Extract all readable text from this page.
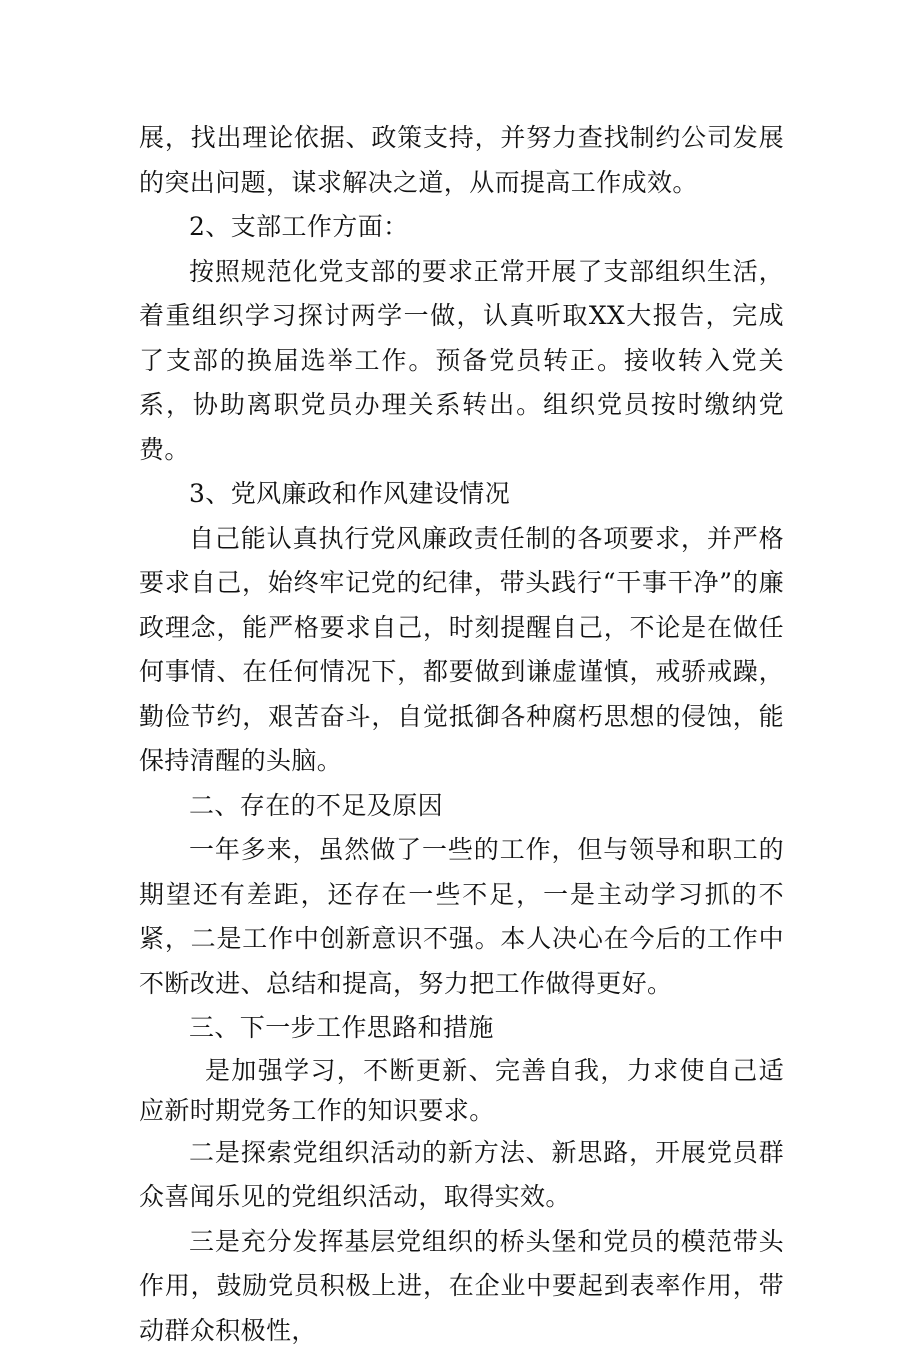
展，找出理论依据、政策支持，并努力查找制约公司发展的突出问题，谋求解决之道，从而提高工作成效。

2、支部工作方面：

按照规范化党支部的要求正常开展了支部组织生活，着重组织学习探讨两学一做，认真听取XX大报告，完成了支部的换届选举工作。预备党员转正。接收转入党关系，协助离职党员办理关系转出。组织党员按时缴纳党费。

3、党风廉政和作风建设情况

自己能认真执行党风廉政责任制的各项要求，并严格要求自己，始终牢记党的纪律，带头践行“干事干净”的廉政理念，能严格要求自己，时刻提醒自己，不论是在做任何事情、在任何情况下，都要做到谦虚谨慎，戒骄戒躁，勤俭节约，艰苦奋斗，自觉抵御各种腐朽思想的侵蚀，能保持清醒的头脑。

二、存在的不足及原因

一年多来，虽然做了一些的工作，但与领导和职工的期望还有差距，还存在一些不足，一是主动学习抓的不紧，二是工作中创新意识不强。本人决心在今后的工作中不断改进、总结和提高，努力把工作做得更好。

三、下一步工作思路和措施

是加强学习，不断更新、完善自我，力求使自己适应新时期党务工作的知识要求。

二是探索党组织活动的新方法、新思路，开展党员群众喜闻乐见的党组织活动，取得实效。

三是充分发挥基层党组织的桥头堡和党员的模范带头作用，鼓励党员积极上进，在企业中要起到表率作用，带动群众积极性，
